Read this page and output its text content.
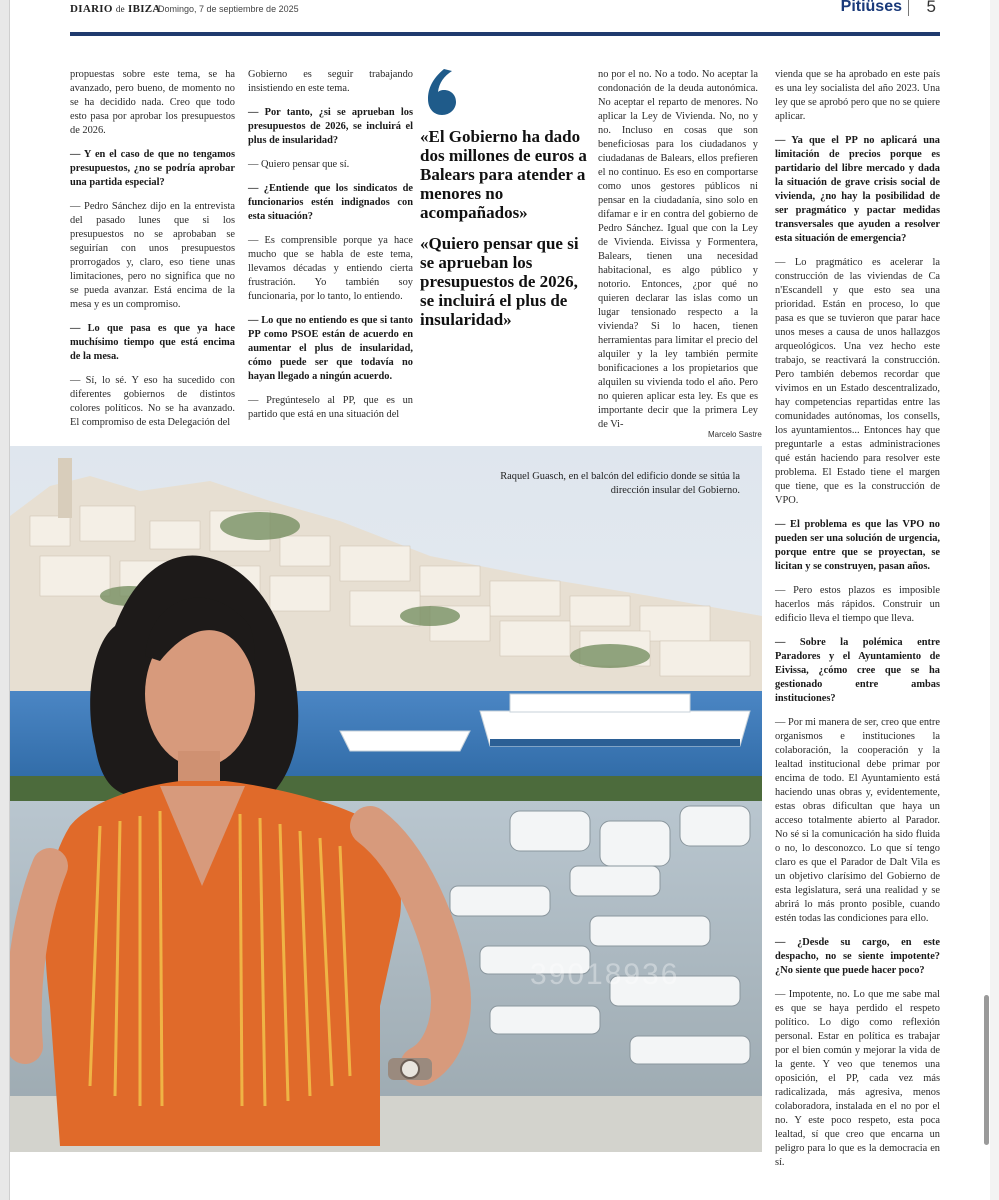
DIARIO de IBIZA
Domingo, 7 de septiembre de 2025	Pitiüses 5

propuestas sobre este tema, se ha avanzado, pero bueno, de momento no se ha decidido nada. Creo que todo esto pasa por aprobar los presupuestos de 2026.

— Y en el caso de que no tengamos presupuestos, ¿no se podría aprobar una partida especial?

— Pedro Sánchez dijo en la entrevista del pasado lunes que si los presupuestos no se aprobaban se seguirían con unos presupuestos prorrogados y, claro, eso tiene unas limitaciones, pero no significa que no se pueda avanzar. Está encima de la mesa y es un compromiso.

— Lo que pasa es que ya hace muchísimo tiempo que está encima de la mesa.

— Sí, lo sé. Y eso ha sucedido con diferentes gobiernos de distintos colores políticos. No se ha avanzado. El compromiso de esta Delegación del

Gobierno es seguir trabajando insistiendo en este tema.

— Por tanto, ¿si se aprueban los presupuestos de 2026, se incluirá el plus de insularidad?

— Quiero pensar que sí.

— ¿Entiende que los sindicatos de funcionarios estén indignados con esta situación?

— Es comprensible porque ya hace mucho que se habla de este tema, llevamos décadas y entiendo cierta frustración. Yo también soy funcionaria, por lo tanto, lo entiendo.

— Lo que no entiendo es que si tanto PP como PSOE están de acuerdo en aumentar el plus de insularidad, cómo puede ser que todavía no hayan llegado a ningún acuerdo.

— Pregúnteselo al PP, que es un partido que está en una situación del

«El Gobierno ha dado dos millones de euros a Balears para atender a menores no acompañados»
«Quiero pensar que si se aprueban los presupuestos de 2026, se incluirá el plus de insularidad»

no por el no. No a todo. No aceptar la condonación de la deuda autonómica. No aceptar el reparto de menores. No aplicar la Ley de Vivienda. No, no y no. Incluso en cosas que son beneficiosas para los ciudadanos y ciudadanas de Balears, ellos prefieren el no continuo. Es eso en comportarse como unos gestores públicos ni pensar en la ciudadanía, sino solo en difamar e ir en contra del gobierno de Pedro Sánchez. Igual que con la Ley de Vivienda. Eivissa y Formentera, Balears, tienen una necesidad habitacional, es algo público y notorio. Entonces, ¿por qué no quieren declarar las islas como un lugar tensionado respecto a la vivienda? Si lo hacen, tienen herramientas para limitar el precio del alquiler y la ley también permite bonificaciones a los propietarios que alquilen su vivienda todo el año. Pero no quieren aplicar esta ley. Es que es importante decir que la primera Ley de Vi-

Marcelo Sastre

vienda que se ha aprobado en este país es una ley socialista del año 2023. Una ley que se aprobó pero que no se quiere aplicar.

— Ya que el PP no aplicará una limitación de precios porque es partidario del libre mercado y dada la situación de grave crisis social de vivienda, ¿no hay la posibilidad de ser pragmático y pactar medidas transversales que ayuden a resolver esta situación de emergencia?

— Lo pragmático es acelerar la construcción de las viviendas de Ca n'Escandell y que esto sea una prioridad. Están en proceso, lo que pasa es que se tuvieron que parar hace unos meses a causa de unos hallazgos arqueológicos. Una vez hecho este trabajo, se reactivará la construcción. Pero también debemos recordar que vivimos en un Estado descentralizado, hay competencias repartidas entre las comunidades autónomas, los consells, los ayuntamientos... Entonces hay que preguntarle a estas administraciones qué están haciendo para resolver este problema. El Estado tiene el margen que tiene, que es la construcción de VPO.

— El problema es que las VPO no pueden ser una solución de urgencia, porque entre que se proyectan, se licitan y se construyen, pasan años.

— Pero estos plazos es imposible hacerlos más rápidos. Construir un edificio lleva el tiempo que lleva.

— Sobre la polémica entre Paradores y el Ayuntamiento de Eivissa, ¿cómo cree que se ha gestionado entre ambas instituciones?

— Por mi manera de ser, creo que entre organismos e instituciones la colaboración, la cooperación y la lealtad institucional debe primar por encima de todo. El Ayuntamiento está haciendo unas obras y, evidentemente, estas obras dificultan que haya un acceso totalmente abierto al Parador. No sé si la comunicación ha sido fluida o no, lo desconozco. Lo que sí tengo claro es que el Parador de Dalt Vila es un objetivo clarísimo del Gobierno de esta legislatura, será una realidad y se abrirá lo más pronto posible, cuando estén todas las condiciones para ello.

— ¿Desde su cargo, en este despacho, no se siente impotente? ¿No siente que puede hacer poco?

— Impotente, no. Lo que me sabe mal es que se haya perdido el respeto político. Lo digo como reflexión personal. Estar en política es trabajar por el bien común y mejorar la vida de la gente. Y veo que tenemos una oposición, el PP, cada vez más radicalizada, más agresiva, menos colaboradora, instalada en el no por el no. Y este poco respeto, esta poca lealtad, sí que creo que encarna un peligro para lo que es la democracia en sí.

39018936
Raquel Guasch, en el balcón del edificio donde se sitúa la dirección insular del Gobierno.
